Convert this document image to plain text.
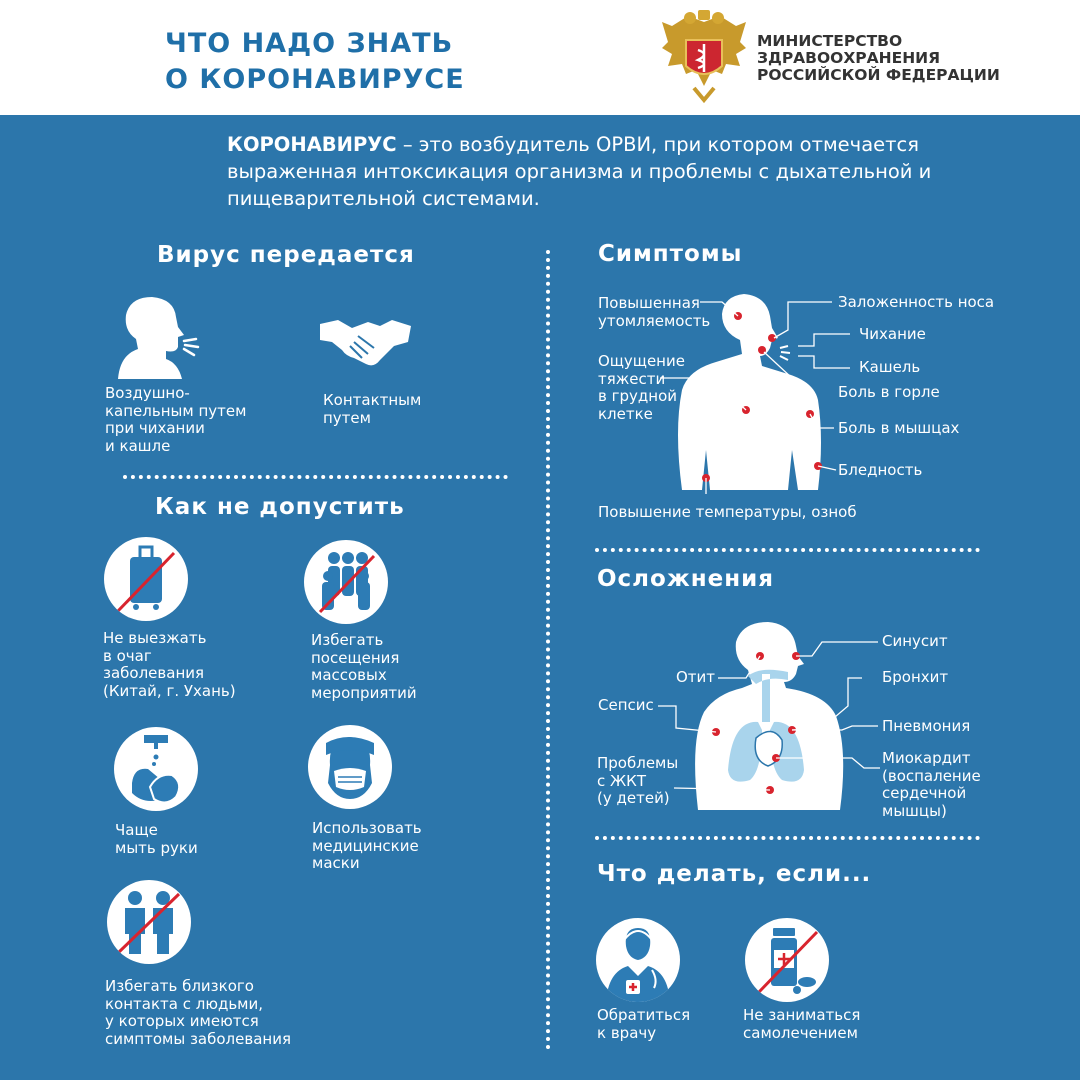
ЧТО НАДО ЗНАТЬ
О КОРОНАВИРУСЕ
МИНИСТЕРСТВО
ЗДРАВООХРАНЕНИЯ
РОССИЙСКОЙ ФЕДЕРАЦИИ
КОРОНАВИРУС – это возбудитель ОРВИ, при котором отмечается выраженная интоксикация организма и проблемы с дыхательной и пищеварительной системами.
Вирус передается
Воздушно-
капельным путем
при чихании
и кашле
Контактным
путем
Как не допустить
Не выезжать
в очаг
заболевания
(Китай, г. Ухань)
Избегать
посещения
массовых
мероприятий
Чаще
мыть руки
Использовать
медицинские
маски
Избегать близкого
контакта с людьми,
у которых имеются
симптомы заболевания
Симптомы
Повышенная
утомляемость
Ощущение
тяжести
в грудной
клетке
Заложенность носа
Чихание
Кашель
Боль в горле
Боль в мышцах
Бледность
Повышение температуры, озноб
Осложнения
Синусит
Отит	Бронхит
Сепсис
Пневмония
Проблемы
с ЖКТ
(у детей)
Миокардит
(воспаление
сердечной
мышцы)
Что делать, если...
Обратиться
к врачу
Не заниматься
самолечением
